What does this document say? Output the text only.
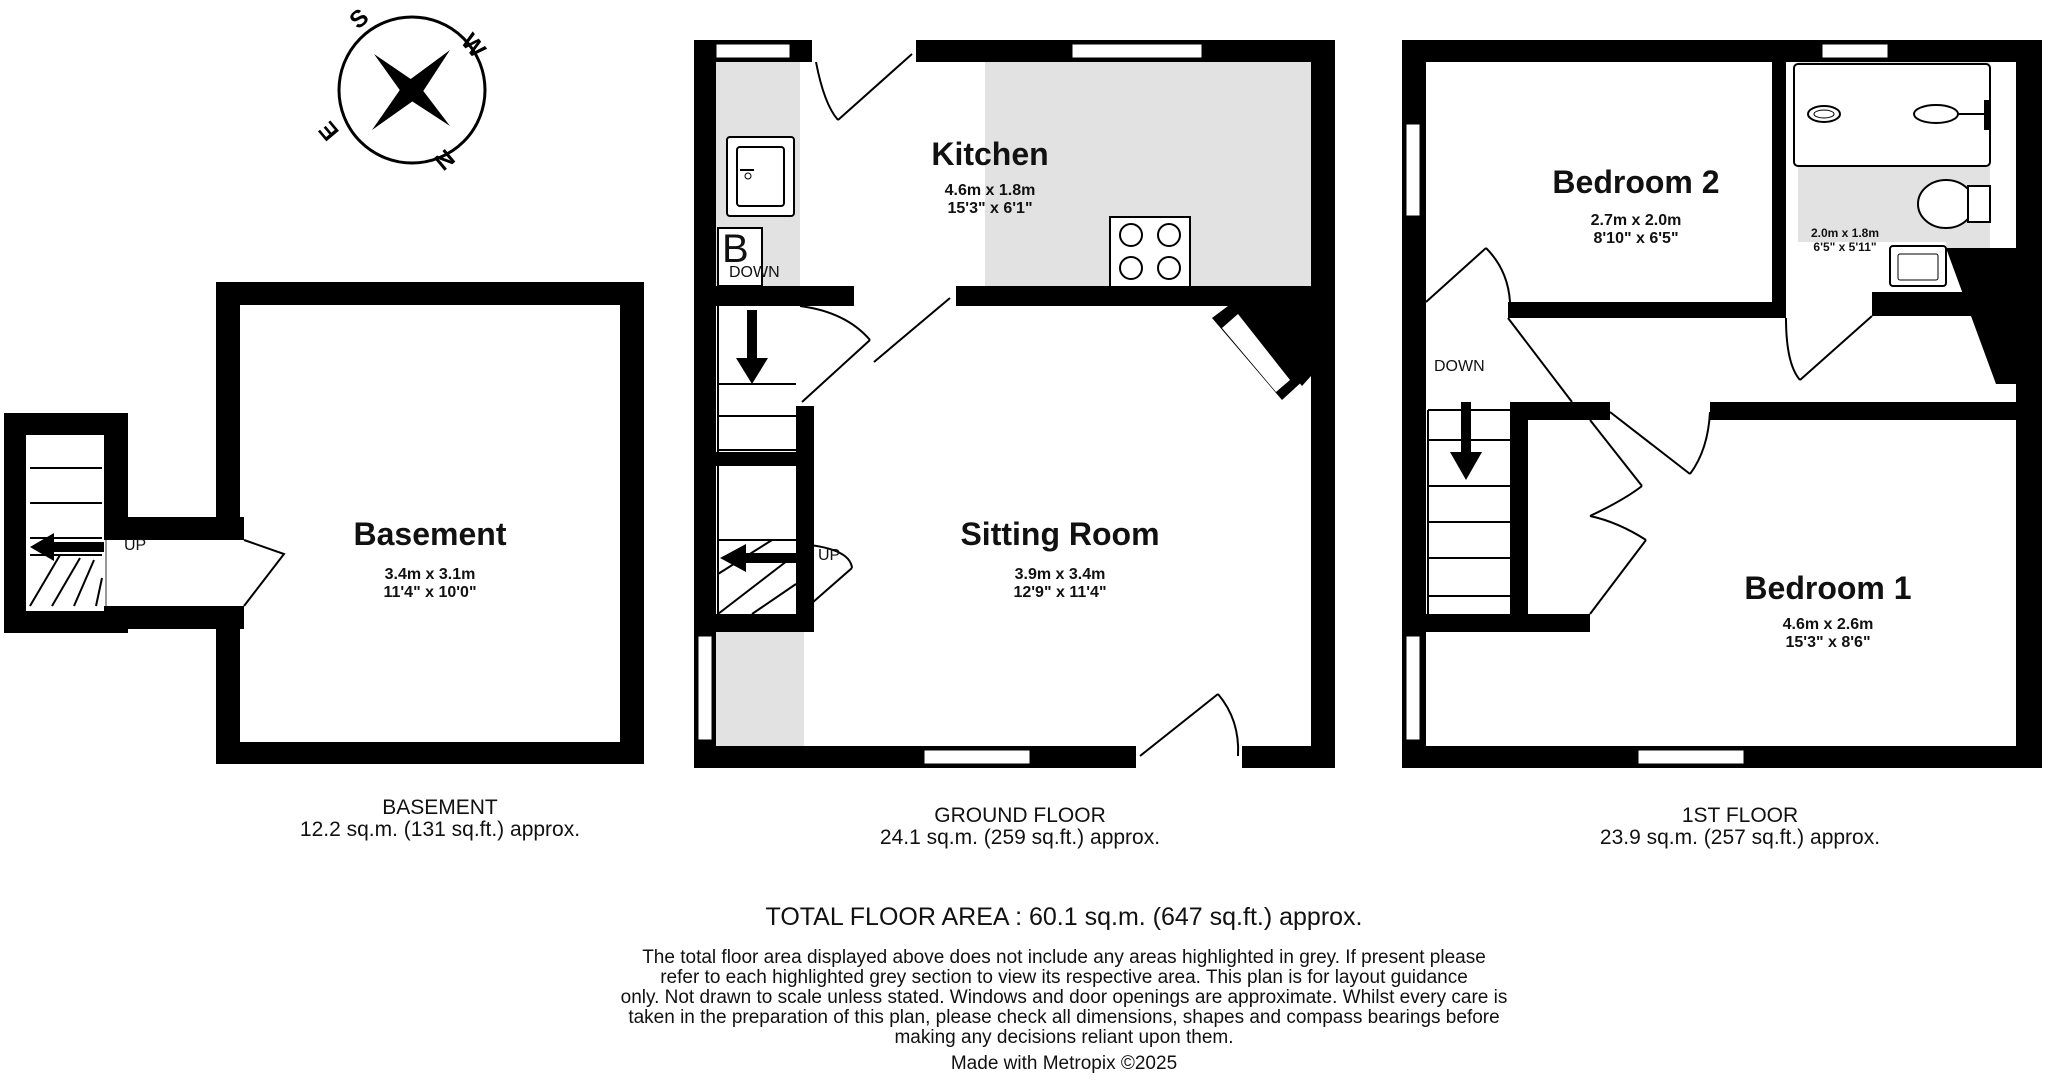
S
W
N
E
B
Basement
3.4m x 3.1m
11'4" x 10'0"
UP
Kitchen
4.6m x 1.8m
15'3" x 6'1"
DOWN
Sitting Room
3.9m x 3.4m
12'9" x 11'4"
UP
Bedroom 2
2.7m x 2.0m
8'10" x 6'5"	2.0m x 1.8m
6'5" x 5'11"
DOWN
Bedroom 1
4.6m x 2.6m
15'3" x 8'6"
BASEMENT
12.2 sq.m. (131 sq.ft.) approx.
GROUND FLOOR
24.1 sq.m. (259 sq.ft.) approx.
1ST FLOOR
23.9 sq.m. (257 sq.ft.) approx.
TOTAL FLOOR AREA : 60.1 sq.m. (647 sq.ft.) approx.
The total floor area displayed above does not include any areas highlighted in grey. If present please
refer to each highlighted grey section to view its respective area. This plan is for layout guidance
only. Not drawn to scale unless stated. Windows and door openings are approximate. Whilst every care is
taken in the preparation of this plan, please check all dimensions, shapes and compass bearings before
making any decisions reliant upon them.
Made with Metropix ©2025
